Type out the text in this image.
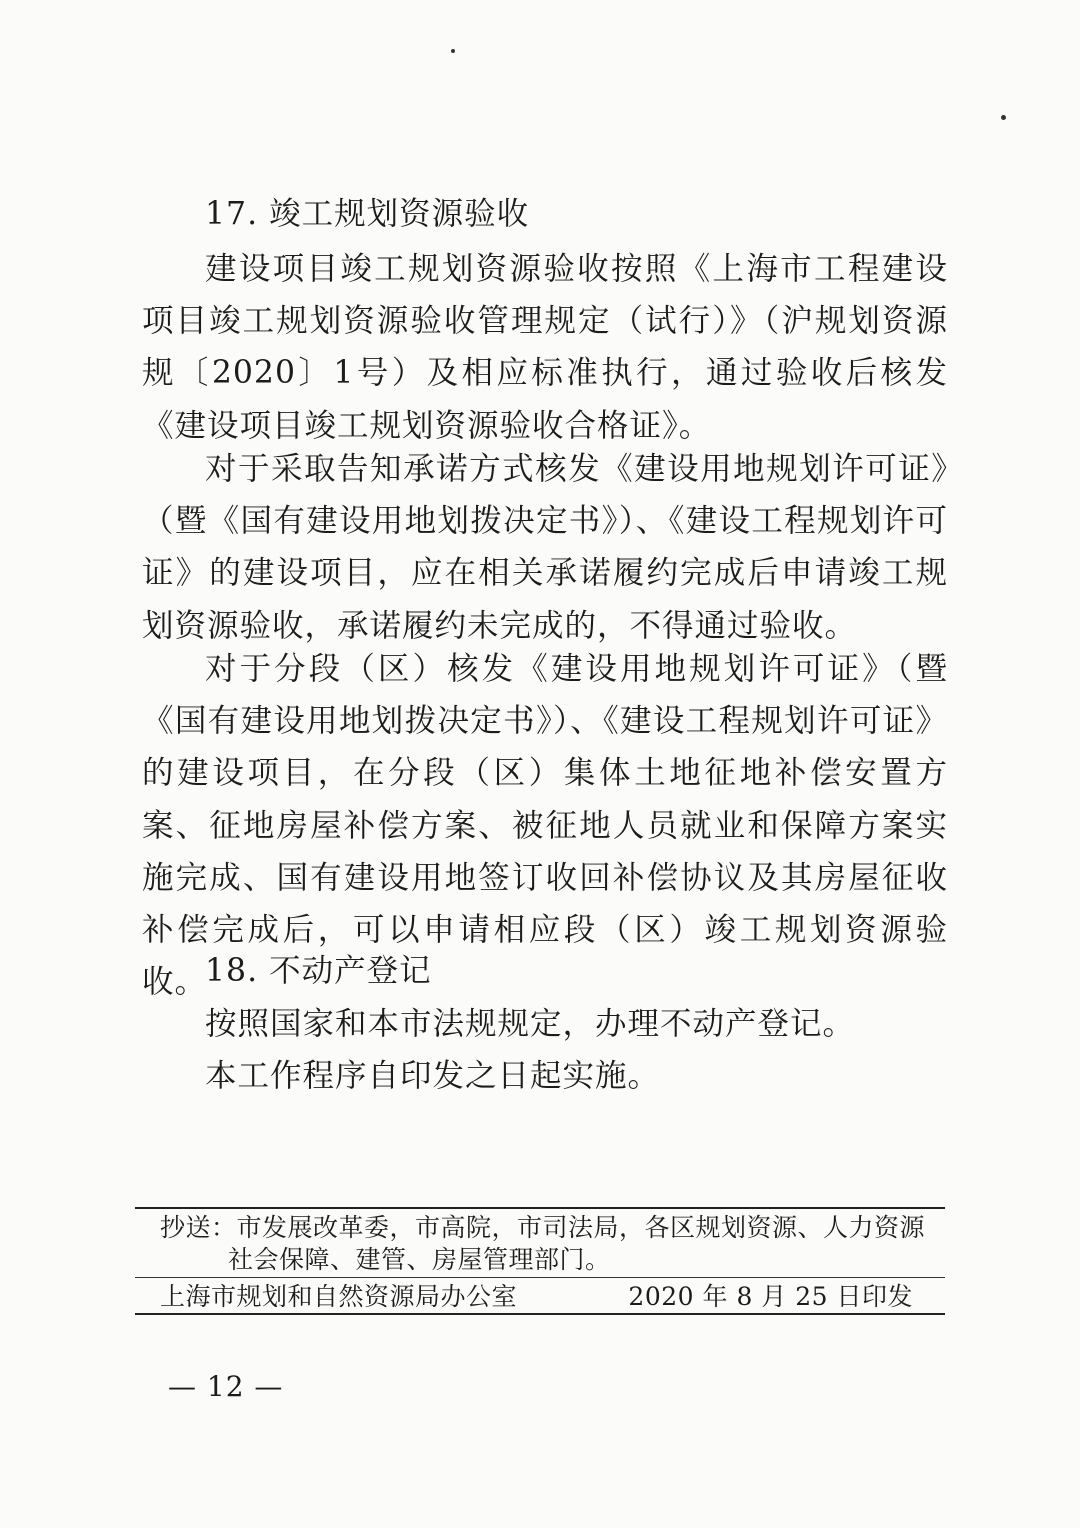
17. 竣工规划资源验收

建设项目竣工规划资源验收按照《上海市工程建设项目竣工规划资源验收管理规定（试行）》（沪规划资源规〔2020〕1号）及相应标准执行，通过验收后核发《建设项目竣工规划资源验收合格证》。

对于采取告知承诺方式核发《建设用地规划许可证》（暨《国有建设用地划拨决定书》）、《建设工程规划许可证》的建设项目，应在相关承诺履约完成后申请竣工规划资源验收，承诺履约未完成的，不得通过验收。

对于分段（区）核发《建设用地规划许可证》（暨《国有建设用地划拨决定书》）、《建设工程规划许可证》的建设项目，在分段（区）集体土地征地补偿安置方案、征地房屋补偿方案、被征地人员就业和保障方案实施完成、国有建设用地签订收回补偿协议及其房屋征收补偿完成后，可以申请相应段（区）竣工规划资源验收。

18. 不动产登记

按照国家和本市法规规定，办理不动产登记。

本工作程序自印发之日起实施。

抄送：市发展改革委，市高院，市司法局，各区规划资源、人力资源
社会保障、建管、房屋管理部门。
上海市规划和自然资源局办公室	2020 年 8 月 25 日印发
— 12 —
